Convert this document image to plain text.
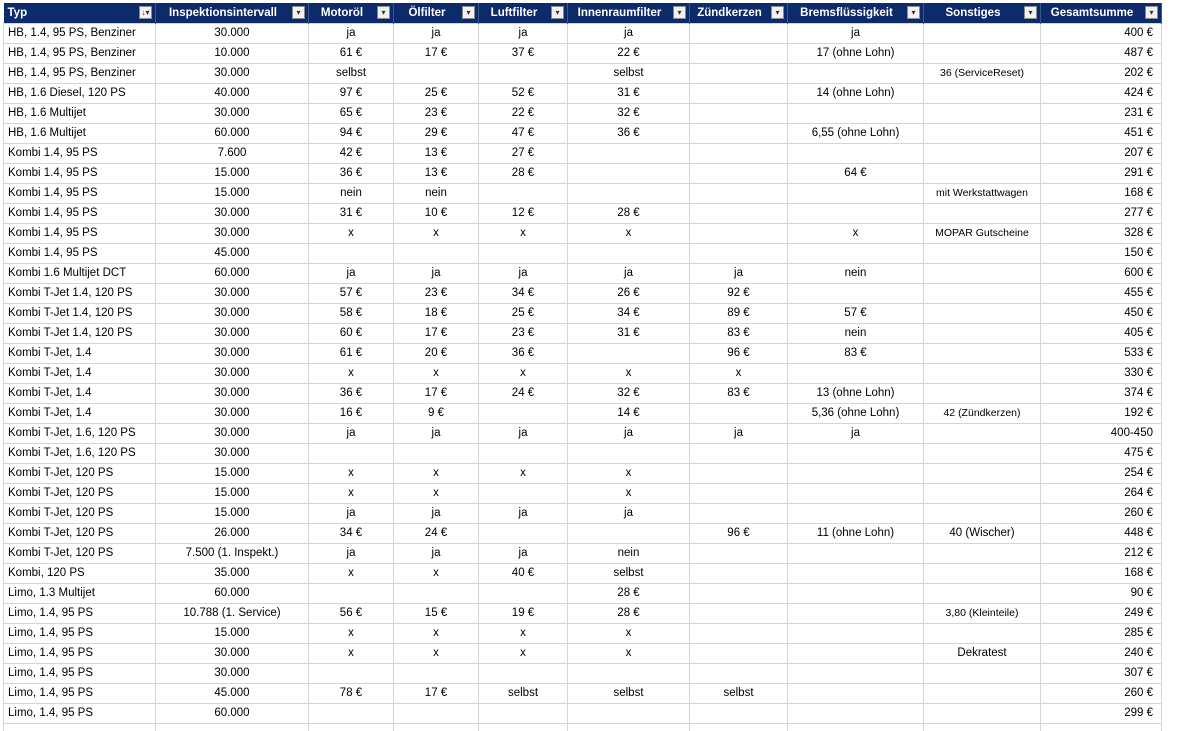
Typ ↓▾	Inspektionsintervall ▾	Motoröl ▾	Ölfilter ▾	Luftfilter ▾	Innenraumfilter ▾	Zündkerzen ▾	Bremsflüssigkeit ▾	Sonstiges ▾	Gesamtsumme ▾

HB, 1.4, 95 PS, Benziner	30.000	ja	ja	ja	ja		ja		400 €
HB, 1.4, 95 PS, Benziner	10.000	61 €	17 €	37 €	22 €		17 (ohne Lohn)		487 €
HB, 1.4, 95 PS, Benziner	30.000	selbst			selbst			36 (ServiceReset)	202 €
HB, 1.6 Diesel, 120 PS	40.000	97 €	25 €	52 €	31 €		14 (ohne Lohn)		424 €
HB, 1.6 Multijet	30.000	65 €	23 €	22 €	32 €				231 €
HB, 1.6 Multijet	60.000	94 €	29 €	47 €	36 €		6,55 (ohne Lohn)		451 €
Kombi 1.4, 95 PS	7.600	42 €	13 €	27 €					207 €
Kombi 1.4, 95 PS	15.000	36 €	13 €	28 €			64 €		291 €
Kombi 1.4, 95 PS	15.000	nein	nein					mit Werkstattwagen	168 €
Kombi 1.4, 95 PS	30.000	31 €	10 €	12 €	28 €				277 €
Kombi 1.4, 95 PS	30.000	x	x	x	x		x	MOPAR Gutscheine	328 €
Kombi 1.4, 95 PS	45.000								150 €
Kombi 1.6 Multijet DCT	60.000	ja	ja	ja	ja	ja	nein		600 €
Kombi T-Jet 1.4, 120 PS	30.000	57 €	23 €	34 €	26 €	92 €			455 €
Kombi T-Jet 1.4, 120 PS	30.000	58 €	18 €	25 €	34 €	89 €	57 €		450 €
Kombi T-Jet 1.4, 120 PS	30.000	60 €	17 €	23 €	31 €	83 €	nein		405 €
Kombi T-Jet, 1.4	30.000	61 €	20 €	36 €		96 €	83 €		533 €
Kombi T-Jet, 1.4	30.000	x	x	x	x	x			330 €
Kombi T-Jet, 1.4	30.000	36 €	17 €	24 €	32 €	83 €	13 (ohne Lohn)		374 €
Kombi T-Jet, 1.4	30.000	16 €	9 €		14 €		5,36 (ohne Lohn)	42 (Zündkerzen)	192 €
Kombi T-Jet, 1.6, 120 PS	30.000	ja	ja	ja	ja	ja	ja		400-450
Kombi T-Jet, 1.6, 120 PS	30.000								475 €
Kombi T-Jet, 120 PS	15.000	x	x	x	x				254 €
Kombi T-Jet, 120 PS	15.000	x	x		x				264 €
Kombi T-Jet, 120 PS	15.000	ja	ja	ja	ja				260 €
Kombi T-Jet, 120 PS	26.000	34 €	24 €			96 €	11 (ohne Lohn)	40 (Wischer)	448 €
Kombi T-Jet, 120 PS	7.500 (1. Inspekt.)	ja	ja	ja	nein				212 €
Kombi, 120 PS	35.000	x	x	40 €	selbst				168 €
Limo, 1.3 Multijet	60.000				28 €				90 €
Limo, 1.4, 95 PS	10.788 (1. Service)	56 €	15 €	19 €	28 €			3,80 (Kleinteile)	249 €
Limo, 1.4, 95 PS	15.000	x	x	x	x				285 €
Limo, 1.4, 95 PS	30.000	x	x	x	x			Dekratest	240 €
Limo, 1.4, 95 PS	30.000								307 €
Limo, 1.4, 95 PS	45.000	78 €	17 €	selbst	selbst	selbst			260 €
Limo, 1.4, 95 PS	60.000								299 €
